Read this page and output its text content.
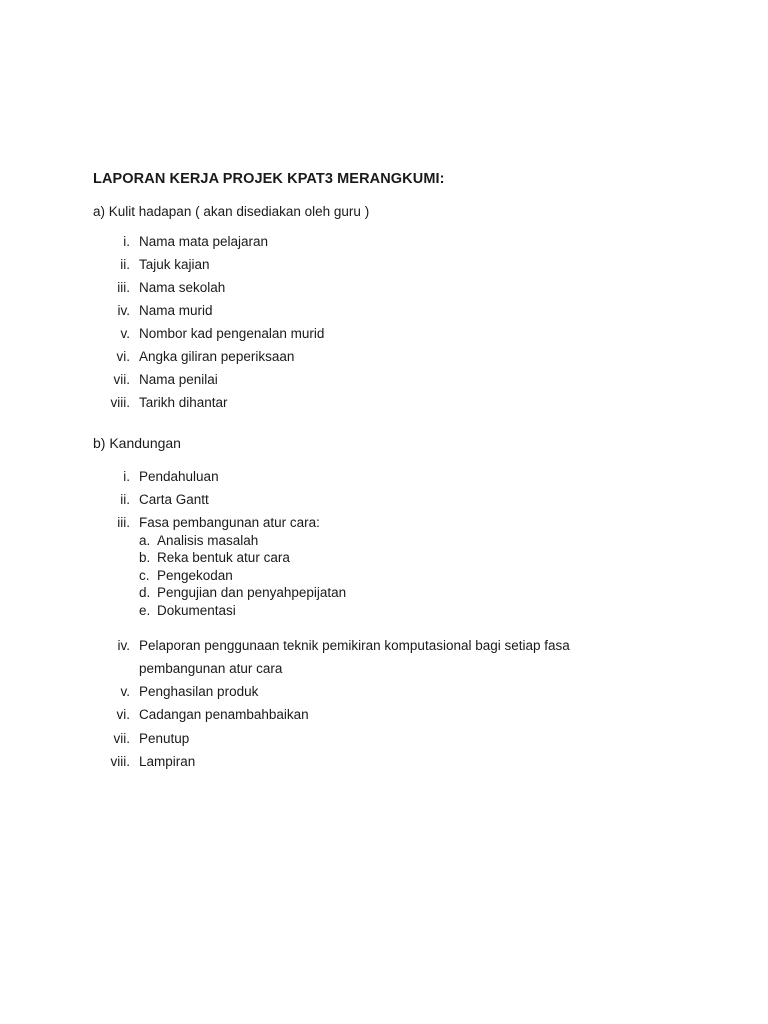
LAPORAN KERJA PROJEK KPAT3 MERANGKUMI:
a) Kulit hadapan ( akan disediakan oleh guru )
i. Nama mata pelajaran
ii. Tajuk kajian
iii. Nama sekolah
iv. Nama murid
v. Nombor kad pengenalan murid
vi. Angka giliran peperiksaan
vii. Nama penilai
viii. Tarikh dihantar
b) Kandungan
i. Pendahuluan
ii. Carta Gantt
iii. Fasa pembangunan atur cara:
a. Analisis masalah
b. Reka bentuk atur cara
c. Pengekodan
d. Pengujian dan penyahpepijatan
e. Dokumentasi
iv. Pelaporan penggunaan teknik pemikiran komputasional bagi setiap fasa
pembangunan atur cara
v. Penghasilan produk
vi. Cadangan penambahbaikan
vii. Penutup
viii. Lampiran
